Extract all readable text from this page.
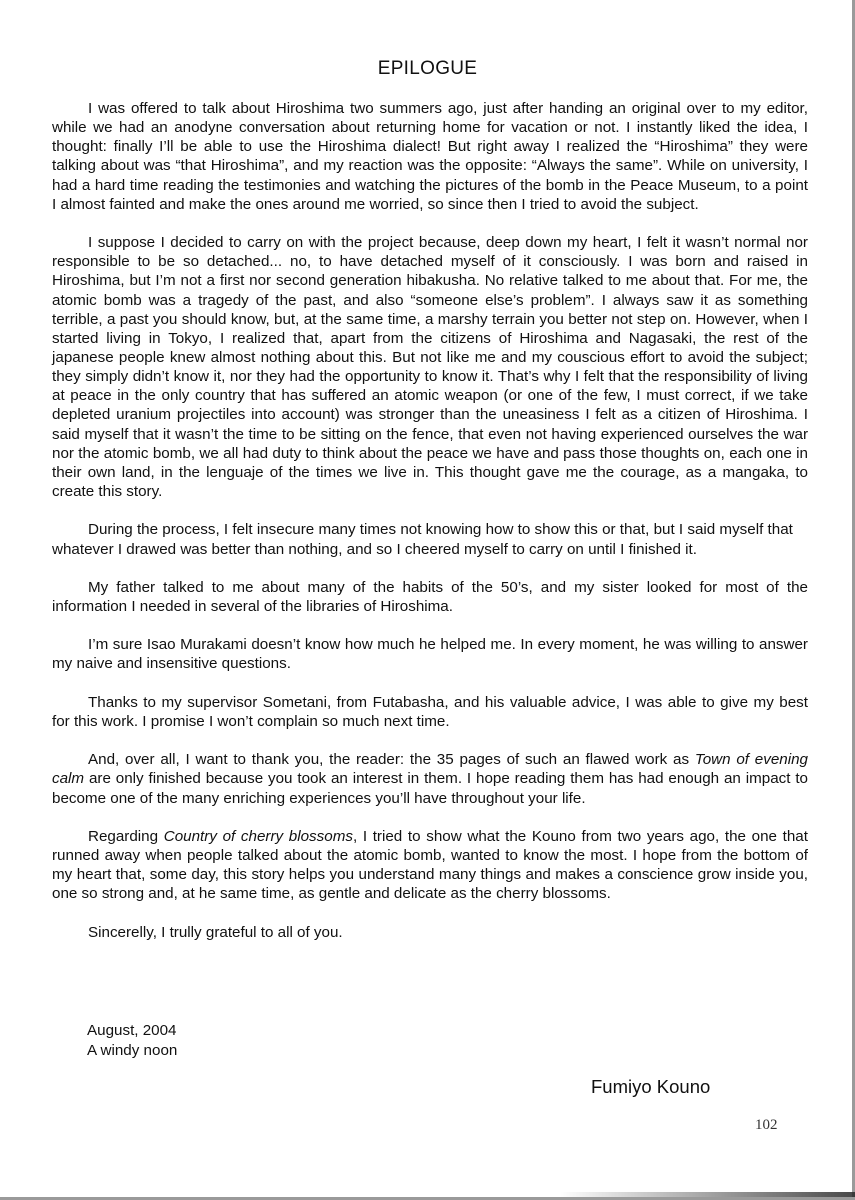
EPILOGUE

I was offered to talk about Hiroshima two summers ago, just after handing an original over to my editor, while we had an anodyne conversation about returning home for vacation or not. I instantly liked the idea, I thought: finally I’ll be able to use the Hiroshima dialect! But right away I realized the “Hiroshima” they were talking about was “that Hiroshima”, and my reaction was the opposite: “Always the same”. While on university, I had a hard time reading the testimonies and watching the pictures of the bomb in the Peace Museum, to a point I almost fainted and make the ones around me worried, so since then I tried to avoid the subject.

I suppose I decided to carry on with the project because, deep down my heart, I felt it wasn’t normal nor responsible to be so detached... no, to have detached myself of it consciously. I was born and raised in Hiroshima, but I’m not a first nor second generation hibakusha. No relative talked to me about that. For me, the atomic bomb was a tragedy of the past, and also “someone else’s problem”. I always saw it as something terrible, a past you should know, but, at the same time, a marshy terrain you better not step on. However, when I started living in Tokyo, I realized that, apart from the citizens of Hiroshima and Nagasaki, the rest of the japanese people knew almost nothing about this. But not like me and my couscious effort to avoid the subject; they simply didn’t know it, nor they had the opportunity to know it. That’s why I felt that the responsibility of living at peace in the only country that has suffered an atomic weapon (or one of the few, I must correct, if we take depleted uranium projectiles into account) was stronger than the uneasiness I felt as a citizen of Hiroshima. I said myself that it wasn’t the time to be sitting on the fence, that even not having experienced ourselves the war nor the atomic bomb, we all had duty to think about the peace we have and pass those thoughts on, each one in their own land, in the lenguaje of the times we live in. This thought gave me the courage, as a mangaka, to create this story.

During the process, I felt insecure many times not knowing how to show this or that, but I said myself that whatever I drawed was better than nothing, and so I cheered myself to carry on until I finished it.

My father talked to me about many of the habits of the 50’s, and my sister looked for most of the information I needed in several of the libraries of Hiroshima.

I’m sure Isao Murakami doesn’t know how much he helped me. In every moment, he was willing to answer my naive and insensitive questions.

Thanks to my supervisor Sometani, from Futabasha, and his valuable advice, I was able to give my best for this work. I promise I won’t complain so much next time.

And, over all, I want to thank you, the reader: the 35 pages of such an flawed work as Town of evening calm are only finished because you took an interest in them. I hope reading them has had enough an impact to become one of the many enriching experiences you’ll have throughout your life.

Regarding Country of cherry blossoms, I tried to show what the Kouno from two years ago, the one that runned away when people talked about the atomic bomb, wanted to know the most. I hope from the bottom of my heart that, some day, this story helps you understand many things and makes a conscience grow inside you, one so strong and, at he same time, as gentle and delicate as the cherry blossoms.

Sincerelly, I trully grateful to all of you.

August, 2004
A windy noon
Fumiyo Kouno
102
